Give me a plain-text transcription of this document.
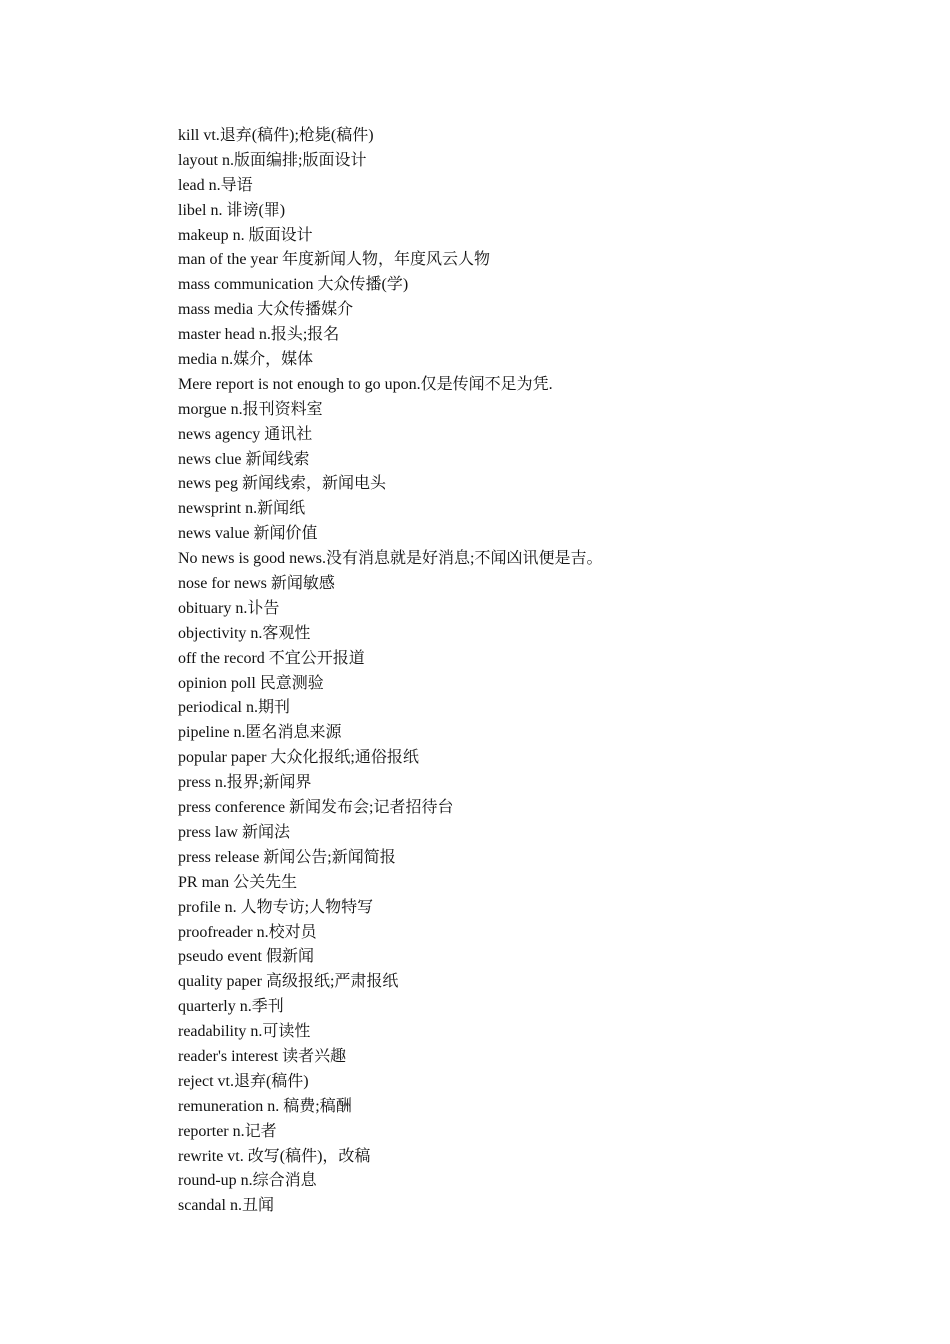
kill vt.退弃(稿件);枪毙(稿件)
layout n.版面编排;版面设计
lead n.导语
libel n. 诽谤(罪)
makeup n. 版面设计
man of the year 年度新闻人物，年度风云人物
mass communication 大众传播(学)
mass media 大众传播媒介
master head n.报头;报名
media n.媒介，媒体
Mere report is not enough to go upon.仅是传闻不足为凭.
morgue n.报刊资料室
news agency 通讯社
news clue 新闻线索
news peg 新闻线索，新闻电头
newsprint n.新闻纸
news value 新闻价值
No news is good news.没有消息就是好消息;不闻凶讯便是吉。
nose for news 新闻敏感
obituary n.讣告
objectivity n.客观性
off the record 不宜公开报道
opinion poll 民意测验
periodical n.期刊
pipeline n.匿名消息来源
popular paper 大众化报纸;通俗报纸
press n.报界;新闻界
press conference 新闻发布会;记者招待台
press law 新闻法
press release 新闻公告;新闻简报
PR man 公关先生
profile n. 人物专访;人物特写
proofreader n.校对员
pseudo event 假新闻
quality paper 高级报纸;严肃报纸
quarterly n.季刊
readability n.可读性
reader's interest 读者兴趣
reject vt.退弃(稿件)
remuneration n. 稿费;稿酬
reporter n.记者
rewrite vt. 改写(稿件)，改稿
round-up n.综合消息
scandal n.丑闻
